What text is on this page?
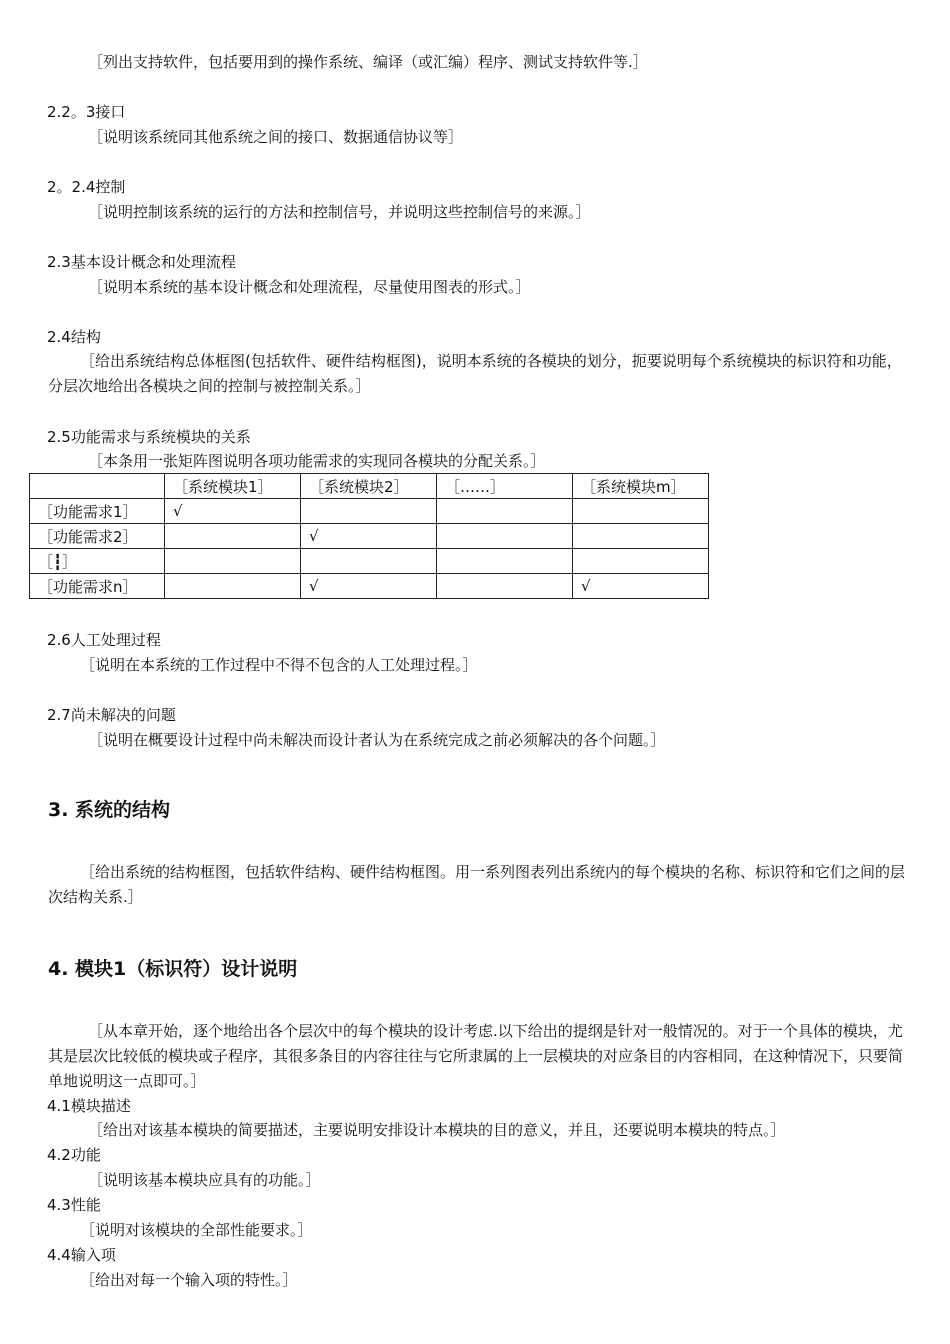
［列出支持软件，包括要用到的操作系统、编译（或汇编）程序、测试支持软件等.］
2.2。3接口
［说明该系统同其他系统之间的接口、数据通信协议等］
2。2.4控制
［说明控制该系统的运行的方法和控制信号，并说明这些控制信号的来源。］
2.3基本设计概念和处理流程
［说明本系统的基本设计概念和处理流程，尽量使用图表的形式。］
2.4结构
［给出系统结构总体框图(包括软件、硬件结构框图)，说明本系统的各模块的划分，扼要说明每个系统模块的标识符和功能，分层次地给出各模块之间的控制与被控制关系。］
2.5功能需求与系统模块的关系
［本条用一张矩阵图说明各项功能需求的实现同各模块的分配关系。］
	［系统模块1］	［系统模块2］	［……］	［系统模块m］
［功能需求1］	√			
［功能需求2］		√		
［┇］				
［功能需求n］		√		√
2.6人工处理过程
［说明在本系统的工作过程中不得不包含的人工处理过程。］
2.7尚未解决的问题
［说明在概要设计过程中尚未解决而设计者认为在系统完成之前必须解决的各个问题。］
3. 系统的结构
［给出系统的结构框图，包括软件结构、硬件结构框图。用一系列图表列出系统内的每个模块的名称、标识符和它们之间的层次结构关系.］
4. 模块1（标识符）设计说明
［从本章开始，逐个地给出各个层次中的每个模块的设计考虑.以下给出的提纲是针对一般情况的。对于一个具体的模块，尤其是层次比较低的模块或子程序，其很多条目的内容往往与它所隶属的上一层模块的对应条目的内容相同，在这种情况下，只要简单地说明这一点即可。］
4.1模块描述
［给出对该基本模块的简要描述，主要说明安排设计本模块的目的意义，并且，还要说明本模块的特点。］
4.2功能
［说明该基本模块应具有的功能。］
4.3性能
［说明对该模块的全部性能要求。］
4.4输入项
［给出对每一个输入项的特性。］
